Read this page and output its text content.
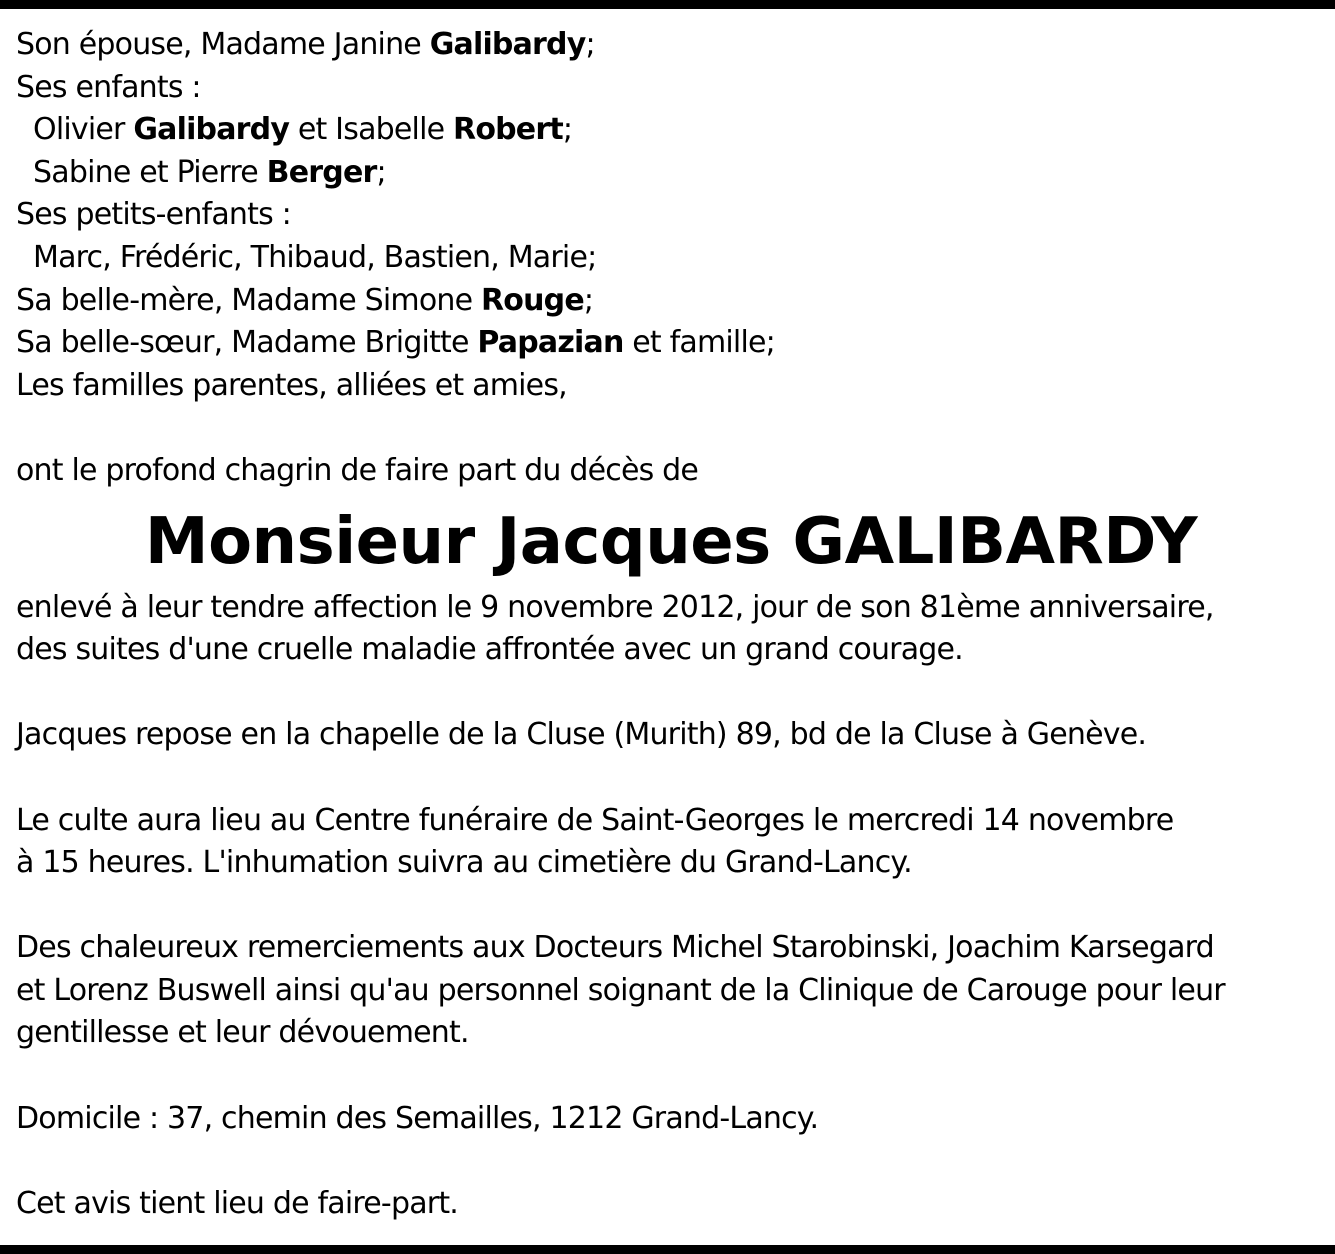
Son épouse, Madame Janine Galibardy;
Ses enfants :
Olivier Galibardy et Isabelle Robert;
Sabine et Pierre Berger;
Ses petits-enfants :
Marc, Frédéric, Thibaud, Bastien, Marie;
Sa belle-mère, Madame Simone Rouge;
Sa belle-sœur, Madame Brigitte Papazian et famille;
Les familles parentes, alliées et amies,
ont le profond chagrin de faire part du décès de
Monsieur Jacques GALIBARDY
enlevé à leur tendre affection le 9 novembre 2012, jour de son 81ème anniversaire,
des suites d'une cruelle maladie affrontée avec un grand courage.
Jacques repose en la chapelle de la Cluse (Murith) 89, bd de la Cluse à Genève.
Le culte aura lieu au Centre funéraire de Saint-Georges le mercredi 14 novembre
à 15 heures. L'inhumation suivra au cimetière du Grand-Lancy.
Des chaleureux remerciements aux Docteurs Michel Starobinski, Joachim Karsegard
et Lorenz Buswell ainsi qu'au personnel soignant de la Clinique de Carouge pour leur
gentillesse et leur dévouement.
Domicile : 37, chemin des Semailles, 1212 Grand-Lancy.
Cet avis tient lieu de faire-part.
